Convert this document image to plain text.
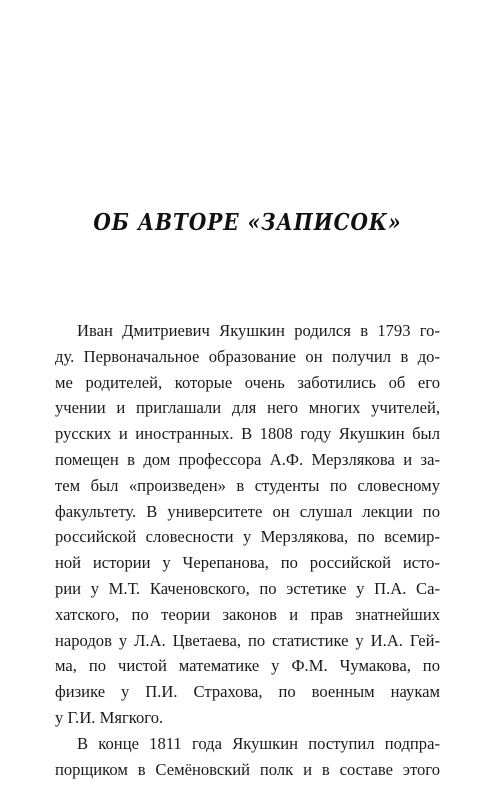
ОБ АВТОРЕ «ЗАПИСОК»
Иван Дмитриевич Якушкин родился в 1793 го-
ду. Первоначальное образование он получил в до-
ме родителей, которые очень заботились об его
учении и приглашали для него многих учителей,
русских и иностранных. В 1808 году Якушкин был
помещен в дом профессора А.Ф. Мерзлякова и за-
тем был «произведен» в студенты по словесному
факультету. В университете он слушал лекции по
российской словесности у Мерзлякова, по всемир-
ной истории у Черепанова, по российской исто-
рии у М.Т. Каченовского, по эстетике у П.А. Са-
хатского, по теории законов и прав знатнейших
народов у Л.А. Цветаева, по статистике у И.А. Гей-
ма, по чистой математике у Ф.М. Чумакова, по
физике у П.И. Страхова, по военным наукам
у Г.И. Мягкого.
В конце 1811 года Якушкин поступил подпра-
порщиком в Семёновский полк и в составе этого
